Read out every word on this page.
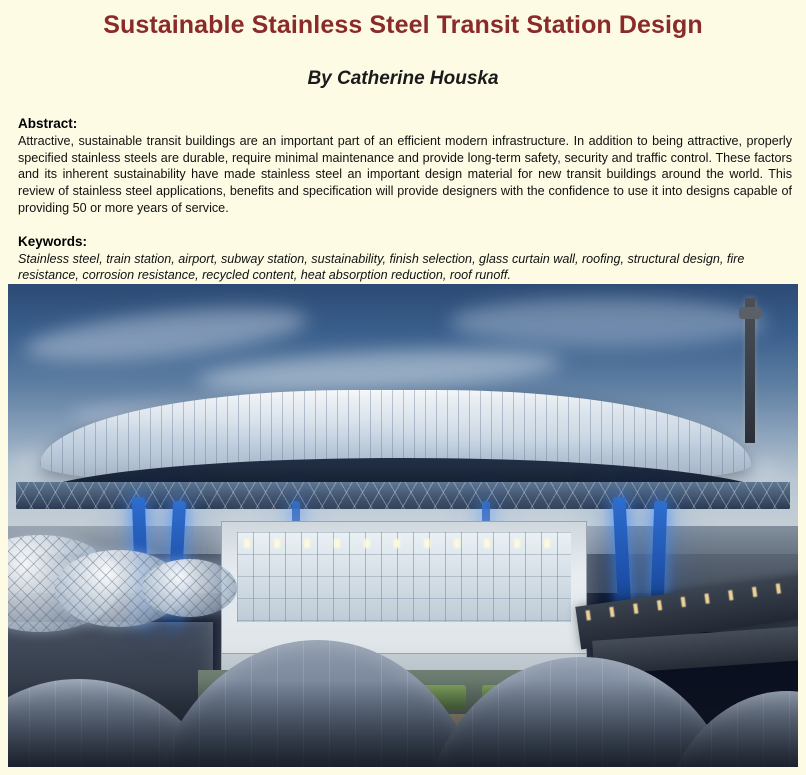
Sustainable Stainless Steel Transit Station Design
By Catherine Houska
Abstract:

Attractive, sustainable transit buildings are an important part of an efficient modern infrastructure. In addition to being attractive, properly specified stainless steels are durable, require minimal maintenance and provide long-term safety, security and traffic control. These factors and its inherent sustainability have made stainless steel an important design material for new transit buildings around the world. This review of stainless steel applications, benefits and specification will provide designers with the confidence to use it into designs capable of providing 50 or more years of service.

Keywords:

Stainless steel, train station, airport, subway station, sustainability, finish selection, glass curtain wall, roofing, structural design, fire resistance, corrosion resistance, recycled content, heat absorption reduction, roof runoff.
